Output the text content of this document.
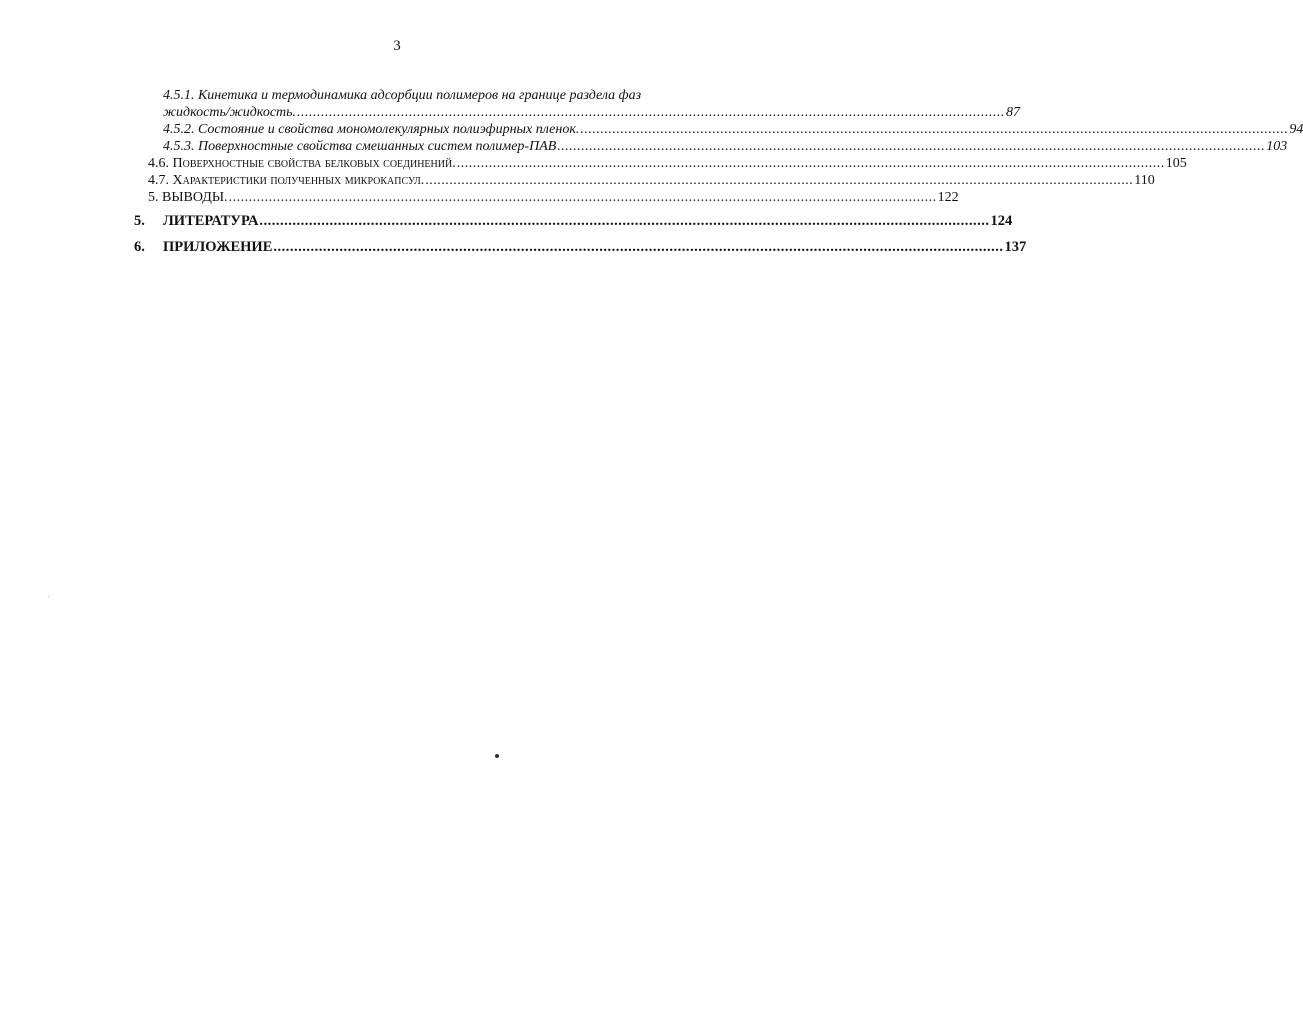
3
4.5.1. Кинетика и термодинамика адсорбции полимеров на границе раздела фаз
жидкость/жидкость. ................................................................................................................................................................................. 87
4.5.2. Состояние и свойства мономолекулярных полиэфирных пленок. ................................................................................................................................................................................. 94
4.5.3. Поверхностные свойства смешанных систем полимер-ПАВ ................................................................................................................................................................................. 103
4.6. Поверхностные свойства белковых соединений. ................................................................................................................................................................................. 105
4.7. Характеристики полученных микрокапсул. ................................................................................................................................................................................. 110
5. ВЫВОДЫ. ................................................................................................................................................................................. 122
5. ЛИТЕРАТУРА ................................................................................................................................................................................. 124
6. ПРИЛОЖЕНИЕ ................................................................................................................................................................................. 137
